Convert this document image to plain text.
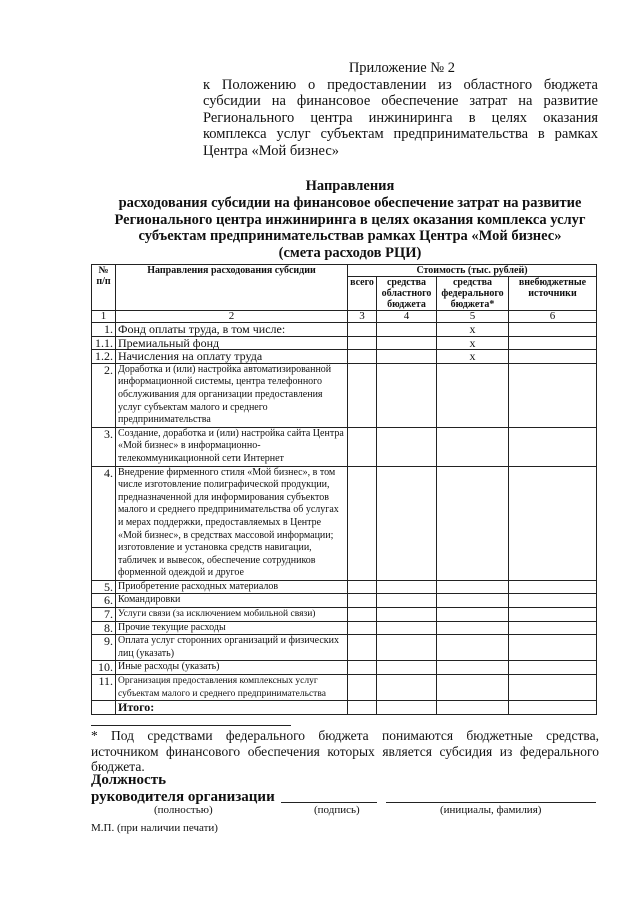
Приложение № 2
к Положению о предоставлении из областного бюджета субсидии на финансовое обеспечение затрат на развитие Регионального центра инжиниринга в целях оказания комплекса услуг субъектам предпринимательства в рамках Центра «Мой бизнес»
Направления
расходования субсидии на финансовое обеспечение затрат на развитие
Регионального центра инжиниринга в целях оказания комплекса услуг
субъектам предпринимательствав рамках Центра «Мой бизнес»
(смета расходов РЦИ)
№ п/п	Направления расходования субсидии	Стоимость (тыс. рублей)			
		всего	средства областного бюджета	средства федерального бюджета*	внебюджетные источники
1	2	3	4	5	6
1.	Фонд оплаты труда, в том числе:			x	
1.1.	Премиальный фонд			x	
1.2.	Начисления на оплату труда			x	
2.	Доработка и (или) настройка автоматизированной информационной системы, центра телефонного обслуживания для организации предоставления услуг субъектам малого и среднего предпринимательства				
3.	Создание, доработка и (или) настройка сайта Центра «Мой бизнес» в информационно-телекоммуникационной сети Интернет				
4.	Внедрение фирменного стиля «Мой бизнес», в том числе изготовление полиграфической продукции, предназначенной для информирования субъектов малого и среднего предпринимательства об услугах и мерах поддержки, предоставляемых в Центре «Мой бизнес», в средствах массовой информации;
изготовление и установка средств навигации, табличек и вывесок, обеспечение сотрудников форменной одеждой и другое				
5.	Приобретение расходных материалов				
6.	Командировки				
7.	Услуги связи (за исключением мобильной связи)				
8.	Прочие текущие расходы				
9.	Оплата услуг сторонних организаций и физических лиц (указать)				
10.	Иные расходы (указать)				
11.	Организация предоставления комплексных услуг субъектам малого и среднего предпринимательства				
	Итого:				
* Под средствами федерального бюджета понимаются бюджетные средства, источником финансового обеспечения которых является субсидия из федерального бюджета.
Должность
руководителя организации
(полностью)	(подпись)	(инициалы, фамилия)
М.П. (при наличии печати)
